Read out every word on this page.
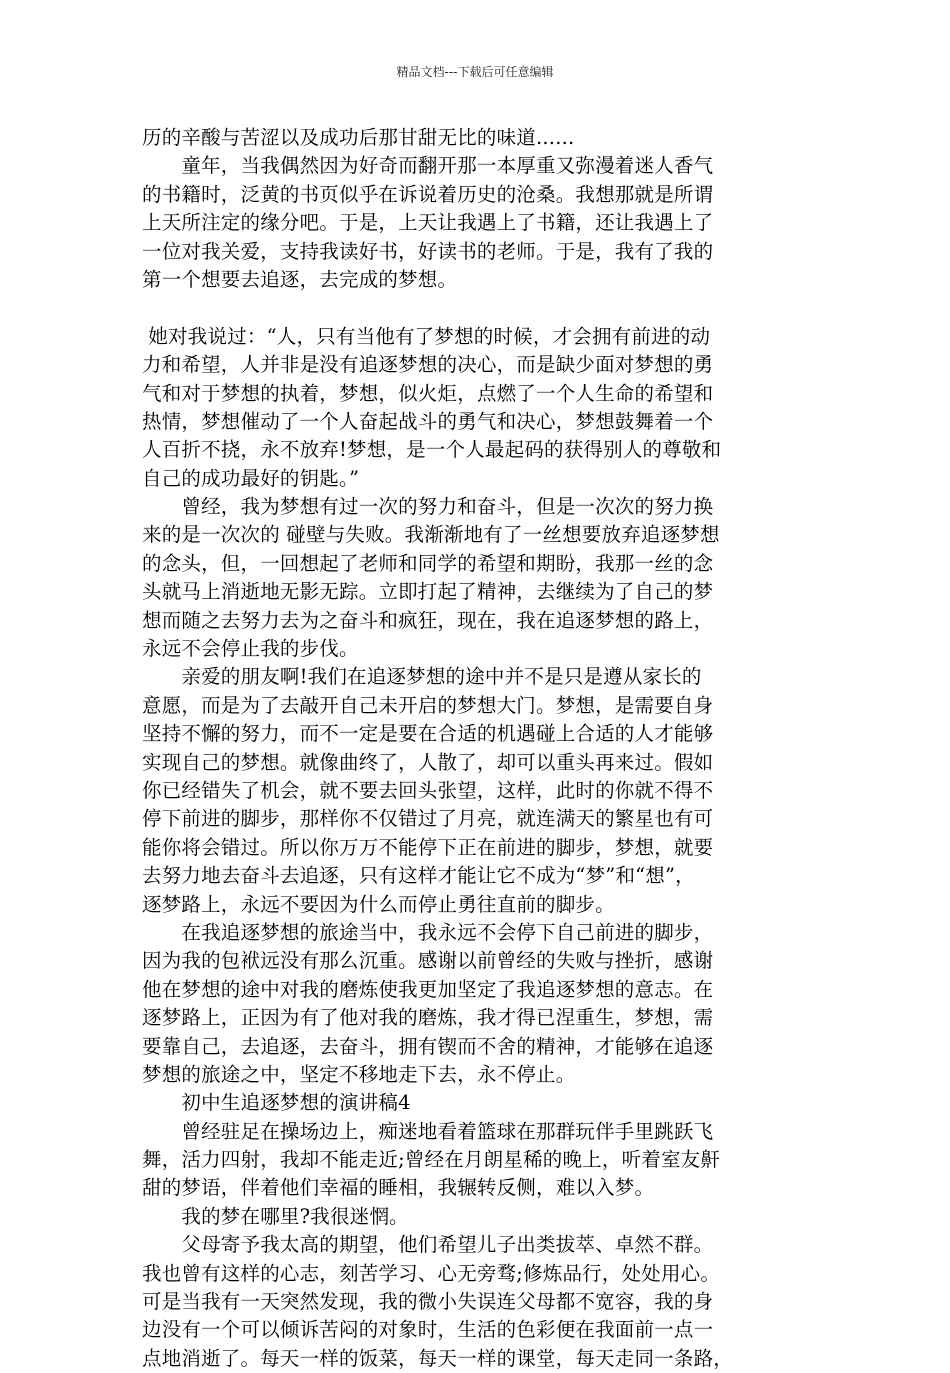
精品文档---下载后可任意编辑
历的辛酸与苦涩以及成功后那甘甜无比的味道......
　　童年，当我偶然因为好奇而翻开那一本厚重又弥漫着迷人香气
的书籍时，泛黄的书页似乎在诉说着历史的沧桑。我想那就是所谓
上天所注定的缘分吧。于是，上天让我遇上了书籍，还让我遇上了
一位对我关爱，支持我读好书，好读书的老师。于是，我有了我的
第一个想要去追逐，去完成的梦想。
她对我说过：“人，只有当他有了梦想的时候，才会拥有前进的动
力和希望，人并非是没有追逐梦想的决心，而是缺少面对梦想的勇
气和对于梦想的执着，梦想，似火炬，点燃了一个人生命的希望和
热情，梦想催动了一个人奋起战斗的勇气和决心，梦想鼓舞着一个
人百折不挠，永不放弃!梦想，是一个人最起码的获得别人的尊敬和
自己的成功最好的钥匙。”
　　曾经，我为梦想有过一次的努力和奋斗，但是一次次的努力换
来的是一次次的 碰壁与失败。我渐渐地有了一丝想要放弃追逐梦想
的念头，但，一回想起了老师和同学的希望和期盼，我那一丝的念
头就马上消逝地无影无踪。立即打起了精神，去继续为了自己的梦
想而随之去努力去为之奋斗和疯狂，现在，我在追逐梦想的路上，
永远不会停止我的步伐。
　　亲爱的朋友啊!我们在追逐梦想的途中并不是只是遵从家长的
意愿，而是为了去敲开自己未开启的梦想大门。梦想，是需要自身
坚持不懈的努力，而不一定是要在合适的机遇碰上合适的人才能够
实现自己的梦想。就像曲终了，人散了，却可以重头再来过。假如
你已经错失了机会，就不要去回头张望，这样，此时的你就不得不
停下前进的脚步，那样你不仅错过了月亮，就连满天的繁星也有可
能你将会错过。所以你万万不能停下正在前进的脚步，梦想，就要
去努力地去奋斗去追逐，只有这样才能让它不成为“梦”和“想”，
逐梦路上，永远不要因为什么而停止勇往直前的脚步。
　　在我追逐梦想的旅途当中，我永远不会停下自己前进的脚步，
因为我的包袱远没有那么沉重。感谢以前曾经的失败与挫折，感谢
他在梦想的途中对我的磨炼使我更加坚定了我追逐梦想的意志。在
逐梦路上，正因为有了他对我的磨炼，我才得已涅重生，梦想，需
要靠自己，去追逐，去奋斗，拥有锲而不舍的精神，才能够在追逐
梦想的旅途之中，坚定不移地走下去，永不停止。
　　初中生追逐梦想的演讲稿4
　　曾经驻足在操场边上，痴迷地看着篮球在那群玩伴手里跳跃飞
舞，活力四射，我却不能走近;曾经在月朗星稀的晚上，听着室友鼾
甜的梦语，伴着他们幸福的睡相，我辗转反侧，难以入梦。
　　我的梦在哪里?我很迷惘。
　　父母寄予我太高的期望，他们希望儿子出类拔萃、卓然不群。
我也曾有这样的心志，刻苦学习、心无旁骛;修炼品行，处处用心。
可是当我有一天突然发现，我的微小失误连父母都不宽容，我的身
边没有一个可以倾诉苦闷的对象时，生活的色彩便在我面前一点一
点地消逝了。每天一样的饭菜，每天一样的课堂，每天走同一条路，
